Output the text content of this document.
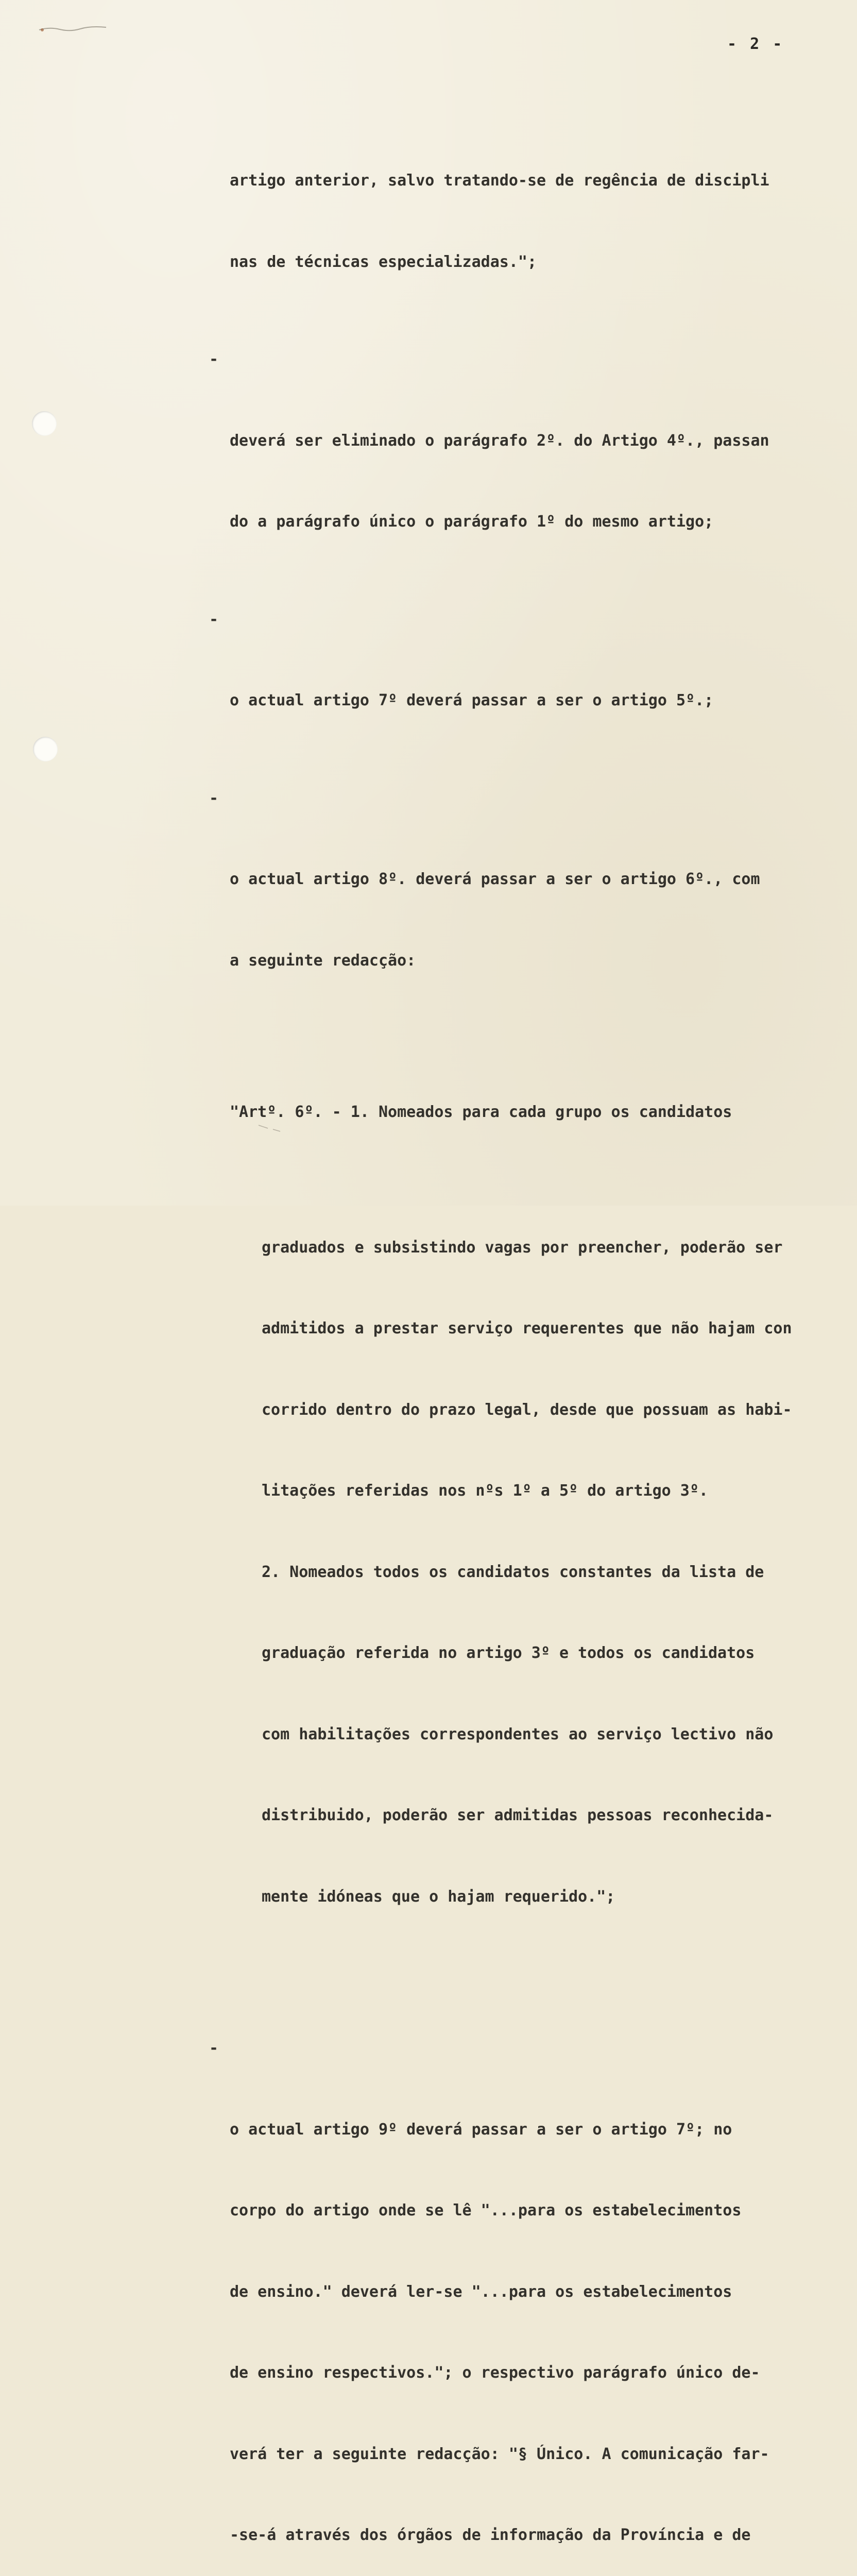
- 2 -

artigo anterior, salvo tratando-se de regência de discipli

nas de técnicas especializadas.";

-

deverá ser eliminado o parágrafo 2º. do Artigo 4º., passan

do a parágrafo único o parágrafo 1º do mesmo artigo;

-

o actual artigo 7º deverá passar a ser o artigo 5º.;

-

o actual artigo 8º. deverá passar a ser o artigo 6º., com

a seguinte redacção:

"Artº. 6º. - 1. Nomeados para cada grupo os candidatos

graduados e subsistindo vagas por preencher, poderão ser

admitidos a prestar serviço requerentes que não hajam con

corrido dentro do prazo legal, desde que possuam as habi-

litações referidas nos nºs 1º a 5º do artigo 3º.

2. Nomeados todos os candidatos constantes da lista de

graduação referida no artigo 3º e todos os candidatos

com habilitações correspondentes ao serviço lectivo não

distribuido, poderão ser admitidas pessoas reconhecida-

mente idóneas que o hajam requerido.";

-

o actual artigo 9º deverá passar a ser o artigo 7º; no

corpo do artigo onde se lê "...para os estabelecimentos

de ensino." deverá ler-se "...para os estabelecimentos

de ensino respectivos."; o respectivo parágrafo único de-

verá ter a seguinte redacção: "§ Único. A comunicação far-

-se-á através dos órgãos de informação da Província e de
